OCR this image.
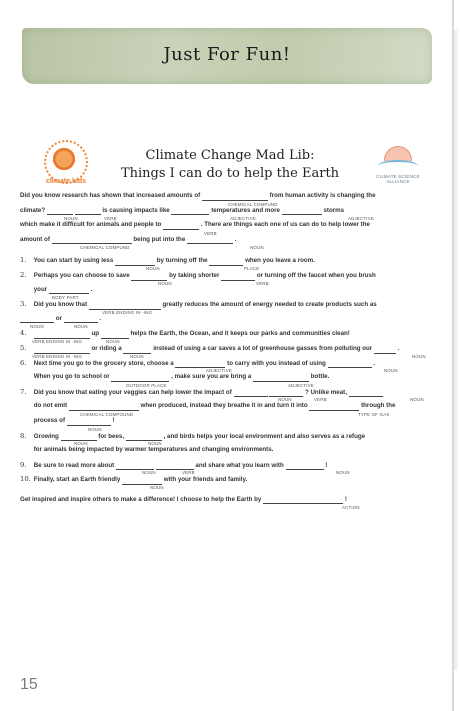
Just For Fun!
climate kids
CLIMATE SCIENCE ALLIANCE
Climate Change Mad Lib:
Things I can do to help the Earth
Did you know research has shown that increased amounts of	from human activity is changing the
CHEMICAL COMPUND
climate?	is causing impacts like	temperatures and more	storms
NOUN	VERB	ADJECTIVE	ADJECTIVE
which make it difficult for animals and people to	. There are things each one of us can do to help lower the
VERB
amount of	being put into the	.
CHEMICAL COMPUND	NOUN
1. You can start by using less	by turning off the	when you leave a room.
NOUN	PLACE
2. Perhaps you can choose to save	by taking shorter	or turning off the faucet when you brush
NOUN	VERB
your	.
BODY PART
3. Did you know that	greatly reduces the amount of energy needed to create products such as
VERB ENDING IN -ING
or	.
NOUN	NOUN
4.	up	helps the Earth, the Ocean, and it keeps our parks and communities clean!
VERB ENDING IN -ING	NOUN
5.	or riding a	instead of using a car saves a lot of greenhouse gasses from polluting our	.
VERB ENDING IN -ING	NOUN	NOUN
6. Next time you go to the grocery store, choose a	to carry with you instead of using	.
ADJECTIVE	NOUN
When you go to school or	, make sure you are bring a	bottle.
OUTDOOR PLACE	ADJECTIVE
7. Did you know that eating your veggies can help lower the impact of	? Unlike meat,
NOUN	VERB	NOUN
do not emit	when produced, instead they breathe it in and turn it into	through the
CHEMICAL COMPOUND	TYPE OF GAS
process of	!
NOUN
8. Growing	for bees,	, and birds helps your local environment and also serves as a refuge
NOUN	NOUN
for animals being impacted by warmer temperatures and changing environments.
9. Be sure to read more about	and share what you learn with	!
NOUN	VERB	NOUN
10. Finally, start an Earth friendly	with your friends and family.
NOUN
Get inspired and inspire others to make a difference! I choose to help the Earth by	!
ACTION
15
